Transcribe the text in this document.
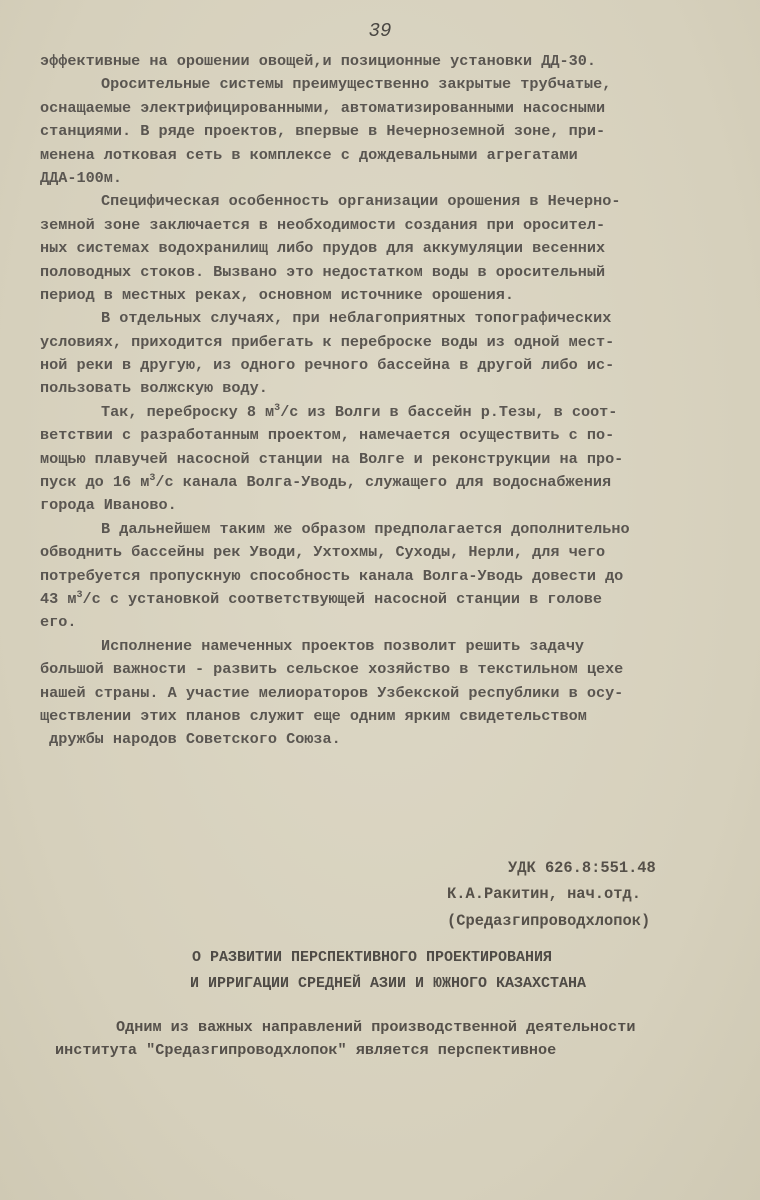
39
эффективные на орошении овощей,и позиционные установки ДД-30.
Оросительные системы преимущественно закрытые трубчатые,
оснащаемые электрифицированными, автоматизированными насосными
станциями. В ряде проектов, впервые в Нечерноземной зоне, при-
менена лотковая сеть в комплексе с дождевальными агрегатами
ДДА-100м.
Специфическая особенность организации орошения в Нечерно-
земной зоне заключается в необходимости создания при оросител-
ных системах водохранилищ либо прудов для аккумуляции весенних
половодных стоков. Вызвано это недостатком воды в оросительный
период в местных реках, основном источнике орошения.
В отдельных случаях, при неблагоприятных топографических
условиях, приходится прибегать к переброске воды из одной мест-
ной реки в другую, из одного речного бассейна в другой либо ис-
пользовать волжскую воду.
Так, переброску 8 $м^3/с$ из Волги в бассейн р.Тезы, в соот-
ветствии с разработанным проектом, намечается осуществить с по-
мощью плавучей насосной станции на Волге и реконструкции на про-
пуск до 16 $м^3/с$ канала Волга-Уводь, служащего для водоснабжения
города Иваново.
В дальнейшем таким же образом предполагается дополнительно
обводнить бассейны рек Уводи, Ухтохмы, Суходы, Нерли, для чего
потребуется пропускную способность канала Волга-Уводь довести до
43 $м^3/с$ с установкой соответствующей насосной станции в голове
его.
Исполнение намеченных проектов позволит решить задачу
большой важности - развить сельское хозяйство в текстильном цехе
нашей страны. А участие мелиораторов Узбекской республики в осу-
ществлении этих планов служит еще одним ярким свидетельством
дружбы народов Советского Союза.
УДК 626.8:551.48
К.А.Ракитин, нач.отд.
(Средазгипроводхлопок)
О РАЗВИТИИ ПЕРСПЕКТИВНОГО ПРОЕКТИРОВАНИЯ
И ИРРИГАЦИИ СРЕДНЕЙ АЗИИ И ЮЖНОГО КАЗАХСТАНА
Одним из важных направлений производственной деятельности
института "Средазгипроводхлопок" является перспективное
